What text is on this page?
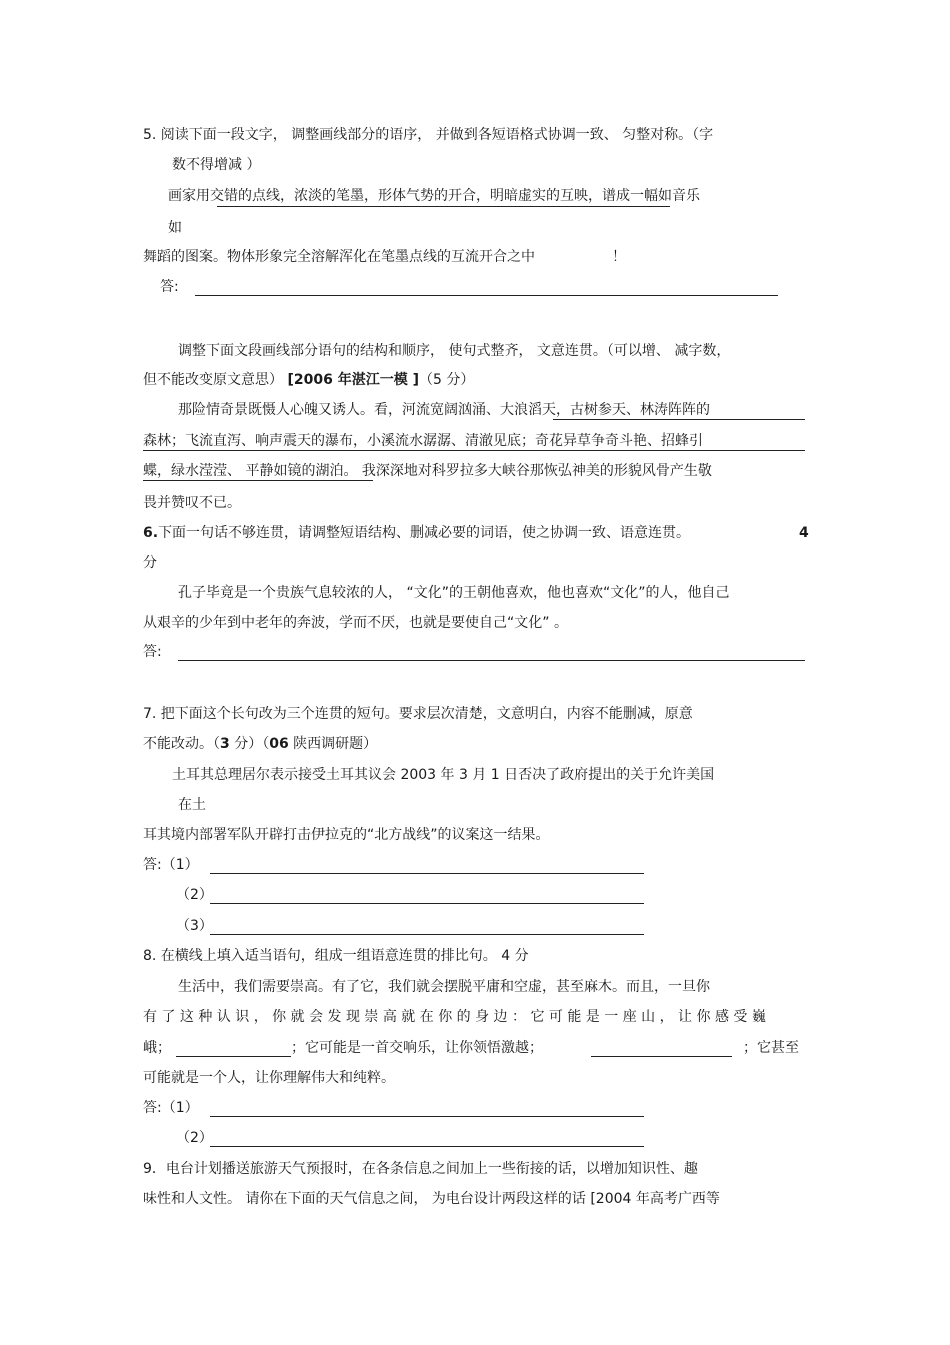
5. 阅读下面一段文字， 调整画线部分的语序， 并做到各短语格式协调一致、 匀整对称。（字
数不得增减 ）
画家用交错的点线，浓淡的笔墨，形体气势的开合，明暗虚实的互映，谱成一幅如音乐
如
舞蹈的图案。物体形象完全溶解浑化在笔墨点线的互流开合之中	！
答:
调整下面文段画线部分语句的结构和顺序， 使句式整齐， 文意连贯。（可以增、 减字数，
但不能改变原文意思） [2006 年湛江一模 ]（5 分）
那险情奇景既慑人心魄又诱人。看，河流宽阔汹涌、大浪滔天，古树参天、林涛阵阵的
森林；飞流直泻、响声震天的瀑布，小溪流水潺潺、清澈见底；奇花异草争奇斗艳、招蜂引
蝶，绿水滢滢、 平静如镜的湖泊。 我深深地对科罗拉多大峡谷那恢弘神美的形貌风骨产生敬
畏并赞叹不已。
6.下面一句话不够连贯，请调整短语结构、删减必要的词语，使之协调一致、语意连贯。	4
分
孔子毕竟是一个贵族气息较浓的人， “文化”的王朝他喜欢，他也喜欢“文化”的人，他自己
从艰辛的少年到中老年的奔波，学而不厌，也就是要使自己“文化” 。
答:
7. 把下面这个长句改为三个连贯的短句。要求层次清楚，文意明白，内容不能删减，原意
不能改动。（3 分）（06 陕西调研题）
土耳其总理居尔表示接受土耳其议会 2003 年 3 月 1 日否决了政府提出的关于允许美国
在土
耳其境内部署军队开辟打击伊拉克的“北方战线”的议案这一结果。
答:（1）
（2）
（3）
8. 在横线上填入适当语句，组成一组语意连贯的排比句。 4 分
生活中，我们需要崇高。有了它，我们就会摆脱平庸和空虚，甚至麻木。而且，一旦你
有 了 这 种 认 识 ， 你 就 会 发 现 崇 高 就 在 你 的 身 边 ： 它 可 能 是 一 座 山 ， 让 你 感 受 巍
峨；	；它可能是一首交响乐，让你领悟激越；	；它甚至
可能就是一个人，让你理解伟大和纯粹。
答:（1）
（2）
9．电台计划播送旅游天气预报时，在各条信息之间加上一些衔接的话，以增加知识性、趣
味性和人文性。 请你在下面的天气信息之间， 为电台设计两段这样的话 [2004 年高考广西等
